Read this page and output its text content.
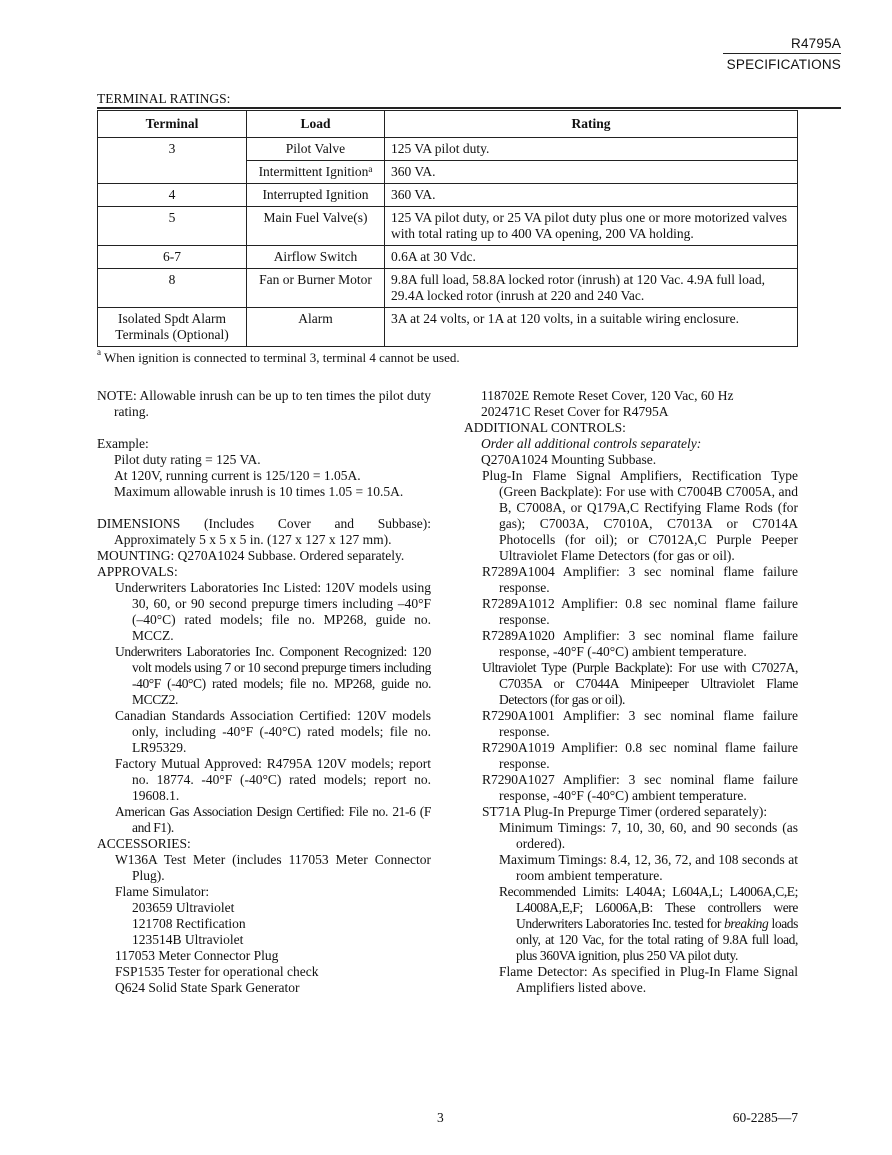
R4795A
SPECIFICATIONS
TERMINAL RATINGS:
Terminal	Load	Rating
3	Pilot Valve	125 VA pilot duty.
	Intermittent Ignition$^a$	360 VA.
4	Interrupted Ignition	360 VA.
5	Main Fuel Valve(s)	125 VA pilot duty, or 25 VA pilot duty plus one or more motorized valves with total rating up to 400 VA opening, 200 VA holding.
6-7	Airflow Switch	0.6A at 30 Vdc.
8	Fan or Burner Motor	9.8A full load, 58.8A locked rotor (inrush) at 120 Vac. 4.9A full load, 29.4A locked rotor (inrush at 220 and 240 Vac.
Isolated Spdt Alarm Terminals (Optional)	Alarm	3A at 24 volts, or 1A at 120 volts, in a suitable wiring enclosure.
$^a$ When ignition is connected to terminal 3, terminal 4 cannot be used.

NOTE: Allowable inrush can be up to ten times the pilot duty rating.

Example:

Pilot duty rating = 125 VA.

At 120V, running current is 125/120 = 1.05A.

Maximum allowable inrush is 10 times 1.05 = 10.5A.

DIMENSIONS (Includes Cover and Subbase): Approximately 5 x 5 x 5 in. (127 x 127 x 127 mm).

MOUNTING: Q270A1024 Subbase. Ordered separately.

APPROVALS:

Underwriters Laboratories Inc Listed: 120V models using 30, 60, or 90 second prepurge timers including –40°F (–40°C) rated models; file no. MP268, guide no. MCCZ.

Underwriters Laboratories Inc. Component Recognized: 120 volt models using 7 or 10 second prepurge timers including -40°F (-40°C) rated models; file no. MP268, guide no. MCCZ2.

Canadian Standards Association Certified: 120V models only, including -40°F (-40°C) rated models; file no. LR95329.

Factory Mutual Approved: R4795A 120V models; report no. 18774. -40°F (-40°C) rated models; report no. 19608.1.

American Gas Association Design Certified: File no. 21-6 (F and F1).

ACCESSORIES:

W136A Test Meter (includes 117053 Meter Connector Plug).

Flame Simulator:

203659 Ultraviolet

121708 Rectification

123514B Ultraviolet

117053 Meter Connector Plug

FSP1535 Tester for operational check

Q624 Solid State Spark Generator

118702E Remote Reset Cover, 120 Vac, 60 Hz

202471C Reset Cover for R4795A

ADDITIONAL CONTROLS:

Order all additional controls separately:

Q270A1024 Mounting Subbase.

Plug-In Flame Signal Amplifiers, Rectification Type (Green Backplate): For use with C7004B C7005A, and B, C7008A, or Q179A,C Rectifying Flame Rods (for gas); C7003A, C7010A, C7013A or C7014A Photocells (for oil); or C7012A,C Purple Peeper Ultraviolet Flame Detectors (for gas or oil).

R7289A1004 Amplifier: 3 sec nominal flame failure response.

R7289A1012 Amplifier: 0.8 sec nominal flame failure response.

R7289A1020 Amplifier: 3 sec nominal flame failure response, -40°F (-40°C) ambient temperature.

Ultraviolet Type (Purple Backplate): For use with C7027A, C7035A or C7044A Minipeeper Ultraviolet Flame Detectors (for gas or oil).

R7290A1001 Amplifier: 3 sec nominal flame failure response.

R7290A1019 Amplifier: 0.8 sec nominal flame failure response.

R7290A1027 Amplifier: 3 sec nominal flame failure response, -40°F (-40°C) ambient temperature.

ST71A Plug-In Prepurge Timer (ordered separately):

Minimum Timings: 7, 10, 30, 60, and 90 seconds (as ordered).

Maximum Timings: 8.4, 12, 36, 72, and 108 seconds at room ambient temperature.

Recommended Limits: L404A; L604A,L; L4006A,C,E; L4008A,E,F; L6006A,B: These controllers were Underwriters Laboratories Inc. tested for breaking loads only, at 120 Vac, for the total rating of 9.8A full load, plus 360VA ignition, plus 250 VA pilot duty.

Flame Detector: As specified in Plug-In Flame Signal Amplifiers listed above.

3	60-2285—7
